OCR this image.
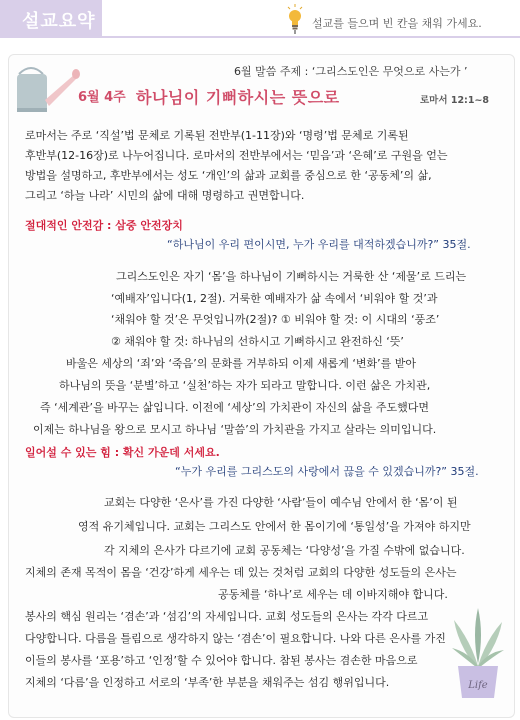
설교요약	설교를 들으며 빈 칸을 채워 가세요.
6월 말씀 주제 : ‘그리스도인은 무엇으로 사는가 ’
6월 4주 하나님이 기뻐하시는 뜻으로	로마서 12:1~8
로마서는 주로 ‘직설’법 문체로 기록된 전반부(1-11장)와 ‘명령’법 문체로 기록된
후반부(12-16장)로 나누어집니다. 로마서의 전반부에서는 ‘믿음’과 ‘은혜’로 구원을 얻는
방법을 설명하고, 후반부에서는 성도 ‘개인’의 삶과 교회를 중심으로 한 ‘공동체’의 삶,
그리고 ‘하늘 나라’ 시민의 삶에 대해 명령하고 권면합니다.
절대적인 안전감 : 삼중 안전장치
“하나님이 우리 편이시면, 누가 우리를 대적하겠습니까?” 35절.
그리스도인은 자기 ‘몸’을 하나님이 기뻐하시는 거룩한 산 ‘제물’로 드리는
‘예배자’입니다(1, 2절). 거룩한 예배자가 삶 속에서 ‘비워야 할 것’과
‘채워야 할 것’은 무엇입니까(2절)? ① 비워야 할 것: 이 시대의 ‘풍조’
② 채워야 할 것: 하나님의 선하시고 기뻐하시고 완전하신 ‘뜻’
바울은 세상의 ‘죄’와 ‘죽음’의 문화를 거부하되 이제 새롭게 ‘변화’를 받아
하나님의 뜻을 ‘분별’하고 ‘실천’하는 자가 되라고 말합니다. 이런 삶은 가치관,
즉 ‘세계관’을 바꾸는 삶입니다. 이전에 ‘세상’의 가치관이 자신의 삶을 주도했다면
이제는 하나님을 왕으로 모시고 하나님 ‘말씀’의 가치관을 가지고 살라는 의미입니다.
일어설 수 있는 힘 : 확신 가운데 서세요.
“누가 우리를 그리스도의 사랑에서 끊을 수 있겠습니까?” 35절.
교회는 다양한 ‘은사’를 가진 다양한 ‘사람’들이 예수님 안에서 한 ‘몸’이 된
영적 유기체입니다. 교회는 그리스도 안에서 한 몸이기에 ‘통일성’을 가져야 하지만
각 지체의 은사가 다르기에 교회 공동체는 ‘다양성’을 가질 수밖에 없습니다.
지체의 존재 목적이 몸을 ‘건강’하게 세우는 데 있는 것처럼 교회의 다양한 성도들의 은사는
공동체를 ‘하나’로 세우는 데 이바지해야 합니다.
봉사의 핵심 원리는 ‘겸손’과 ‘섬김’의 자세입니다. 교회 성도들의 은사는 각각 다르고
다양합니다. 다름을 틀림으로 생각하지 않는 ‘겸손’이 필요합니다. 나와 다른 은사를 가진
이들의 봉사를 ‘포용’하고 ‘인정’할 수 있어야 합니다. 참된 봉사는 겸손한 마음으로
지체의 ‘다름’을 인정하고 서로의 ‘부족’한 부분을 채워주는 섬김 행위입니다.	Life
